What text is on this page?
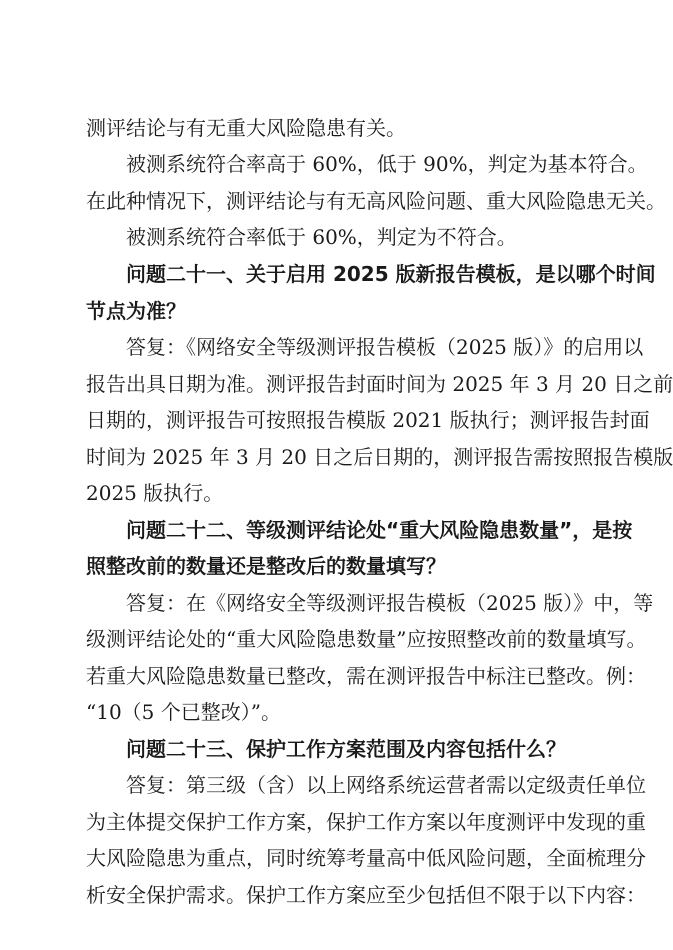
测评结论与有无重大风险隐患有关。
被测系统符合率高于 60%，低于 90%，判定为基本符合。
在此种情况下，测评结论与有无高风险问题、重大风险隐患无关。
被测系统符合率低于 60%，判定为不符合。
问题二十一、关于启用 2025 版新报告模板，是以哪个时间
节点为准？
答复：《网络安全等级测评报告模板（2025 版）》的启用以
报告出具日期为准。测评报告封面时间为 2025 年 3 月 20 日之前
日期的，测评报告可按照报告模版 2021 版执行；测评报告封面
时间为 2025 年 3 月 20 日之后日期的，测评报告需按照报告模版
2025 版执行。
问题二十二、等级测评结论处“重大风险隐患数量”，是按
照整改前的数量还是整改后的数量填写？
答复：在《网络安全等级测评报告模板（2025 版）》中，等
级测评结论处的“重大风险隐患数量”应按照整改前的数量填写。
若重大风险隐患数量已整改，需在测评报告中标注已整改。例：
“10（5 个已整改）”。
问题二十三、保护工作方案范围及内容包括什么？
答复：第三级（含）以上网络系统运营者需以定级责任单位
为主体提交保护工作方案，保护工作方案以年度测评中发现的重
大风险隐患为重点，同时统筹考量高中低风险问题，全面梳理分
析安全保护需求。保护工作方案应至少包括但不限于以下内容：
